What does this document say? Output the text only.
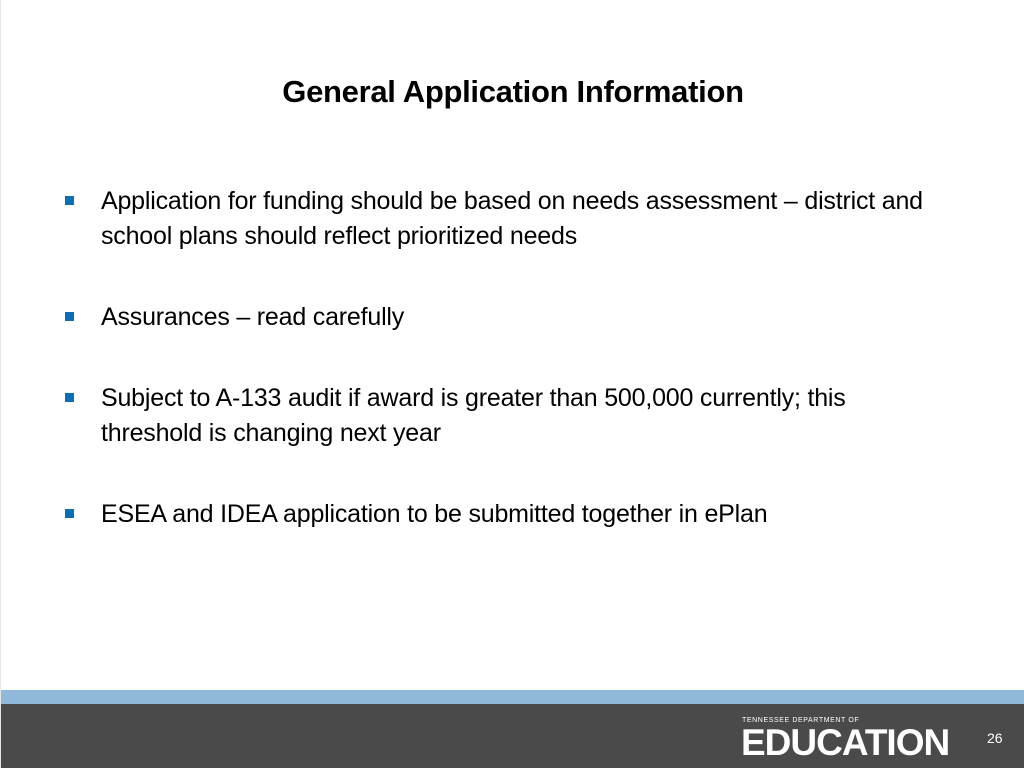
General Application Information
Application for funding should be based on needs assessment – district and school plans should reflect prioritized needs
Assurances – read carefully
Subject to A-133 audit if award is greater than 500,000 currently; this threshold is changing next year
ESEA and IDEA application to be submitted together in ePlan
TENNESSEE DEPARTMENT OF
EDUCATION	26
